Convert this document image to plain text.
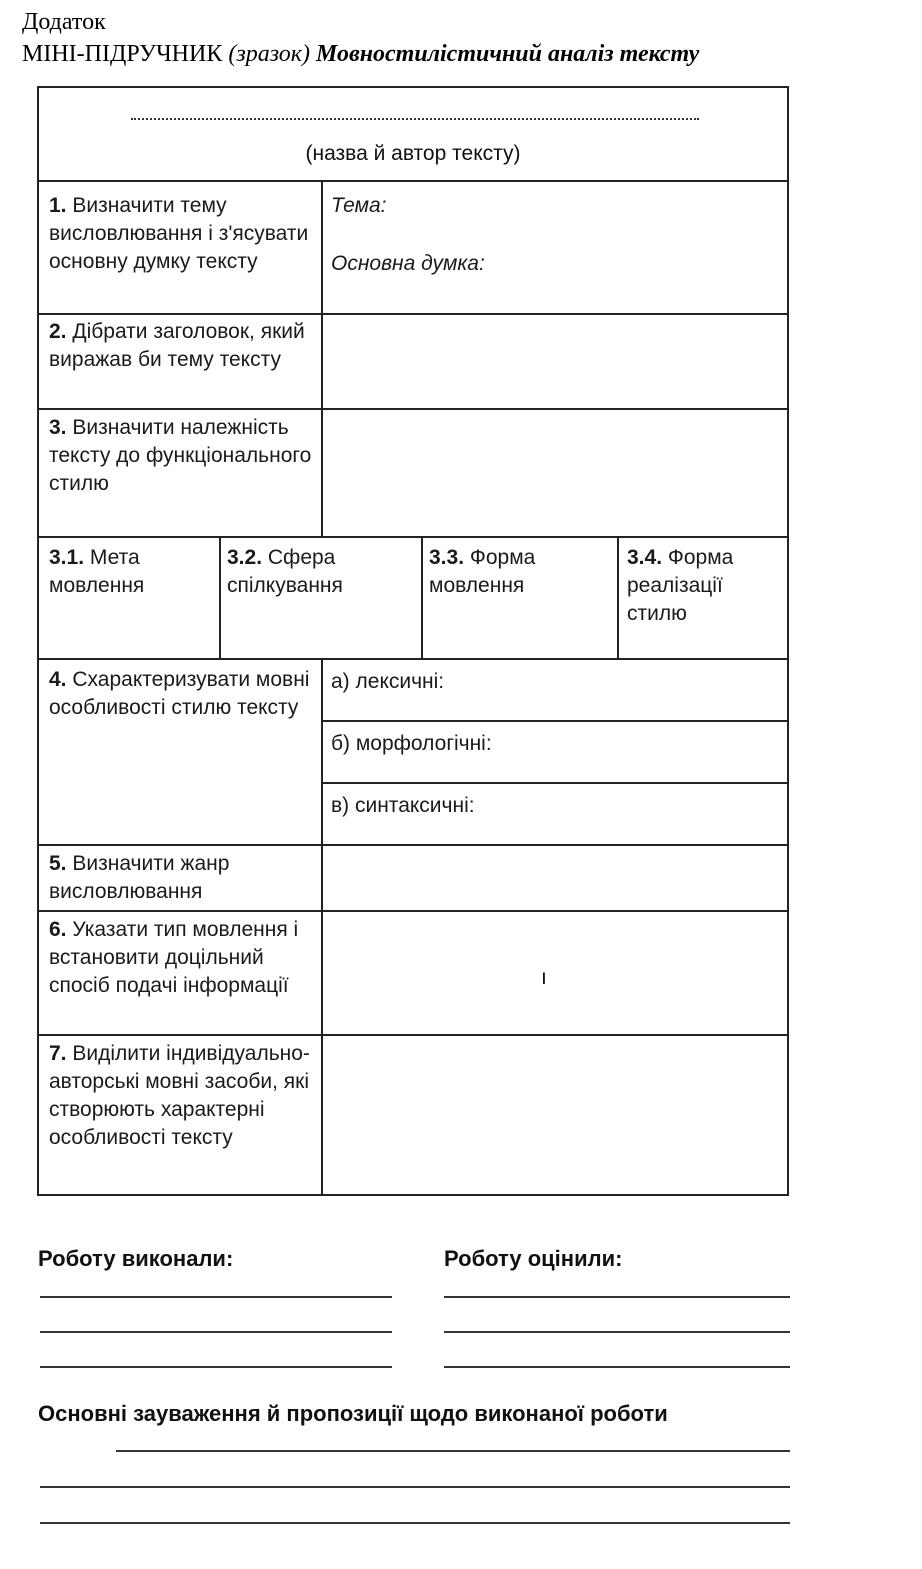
Додаток
МІНІ-ПІДРУЧНИК (зразок) Мовностилістичний аналіз тексту
(назва й автор тексту)
1. Визначити тему висловлювання і з'ясувати основну думку тексту
Тема:
Основна думка:
2. Дібрати заголовок, який виражав би тему тексту
3. Визначити належність тексту до функціонального стилю
3.1. Мета мовлення
3.2. Сфера спілкування
3.3. Форма мовлення
3.4. Форма реалізації стилю
4. Схарактеризувати мовні особливості стилю тексту
а) лексичні:
б) морфологічні:
в) синтаксичні:
5. Визначити жанр висловлювання
6. Указати тип мовлення і встановити доцільний спосіб подачі інформації	ı
7. Виділити індивідуально-авторські мовні засоби, які створюють характерні особливості тексту
Роботу виконали:	Роботу оцінили:
Основні зауваження й пропозиції щодо виконаної роботи
